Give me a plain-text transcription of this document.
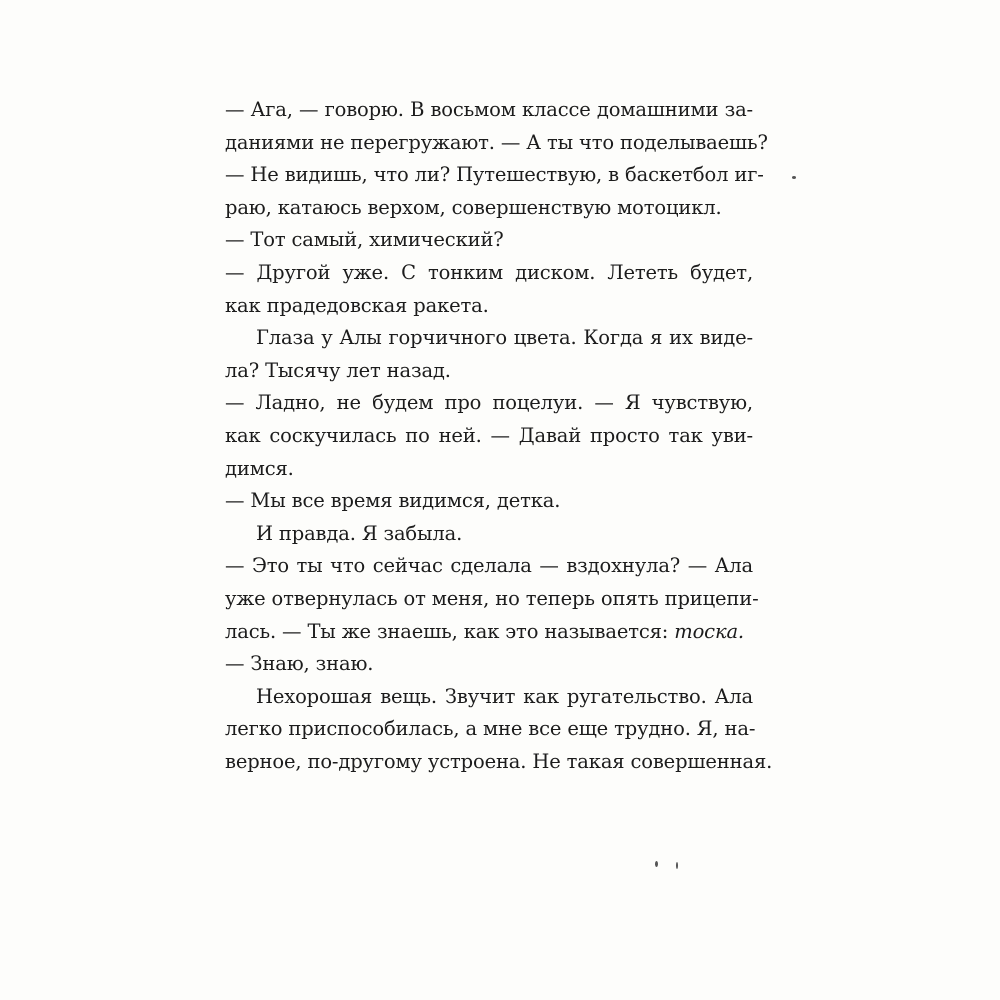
— Ага, — говорю. В восьмом классе домашними за-
даниями не перегружают. — А ты что поделываешь?
— Не видишь, что ли? Путешествую, в баскетбол иг-
раю, катаюсь верхом, совершенствую мотоцикл.
— Тот самый, химический?
— Другой уже. С тонким диском. Лететь будет,
как прадедовская ракета.
Глаза у Алы горчичного цвета. Когда я их виде-
ла? Тысячу лет назад.
— Ладно, не будем про поцелуи. — Я чувствую,
как соскучилась по ней. — Давай просто так уви-
димся.
— Мы все время видимся, детка.
И правда. Я забыла.
— Это ты что сейчас сделала — вздохнула? — Ала
уже отвернулась от меня, но теперь опять прицепи-
лась. — Ты же знаешь, как это называется: тоска.
— Знаю, знаю.
Нехорошая вещь. Звучит как ругательство. Ала
легко приспособилась, а мне все еще трудно. Я, на-
верное, по-другому устроена. Не такая совершенная.
